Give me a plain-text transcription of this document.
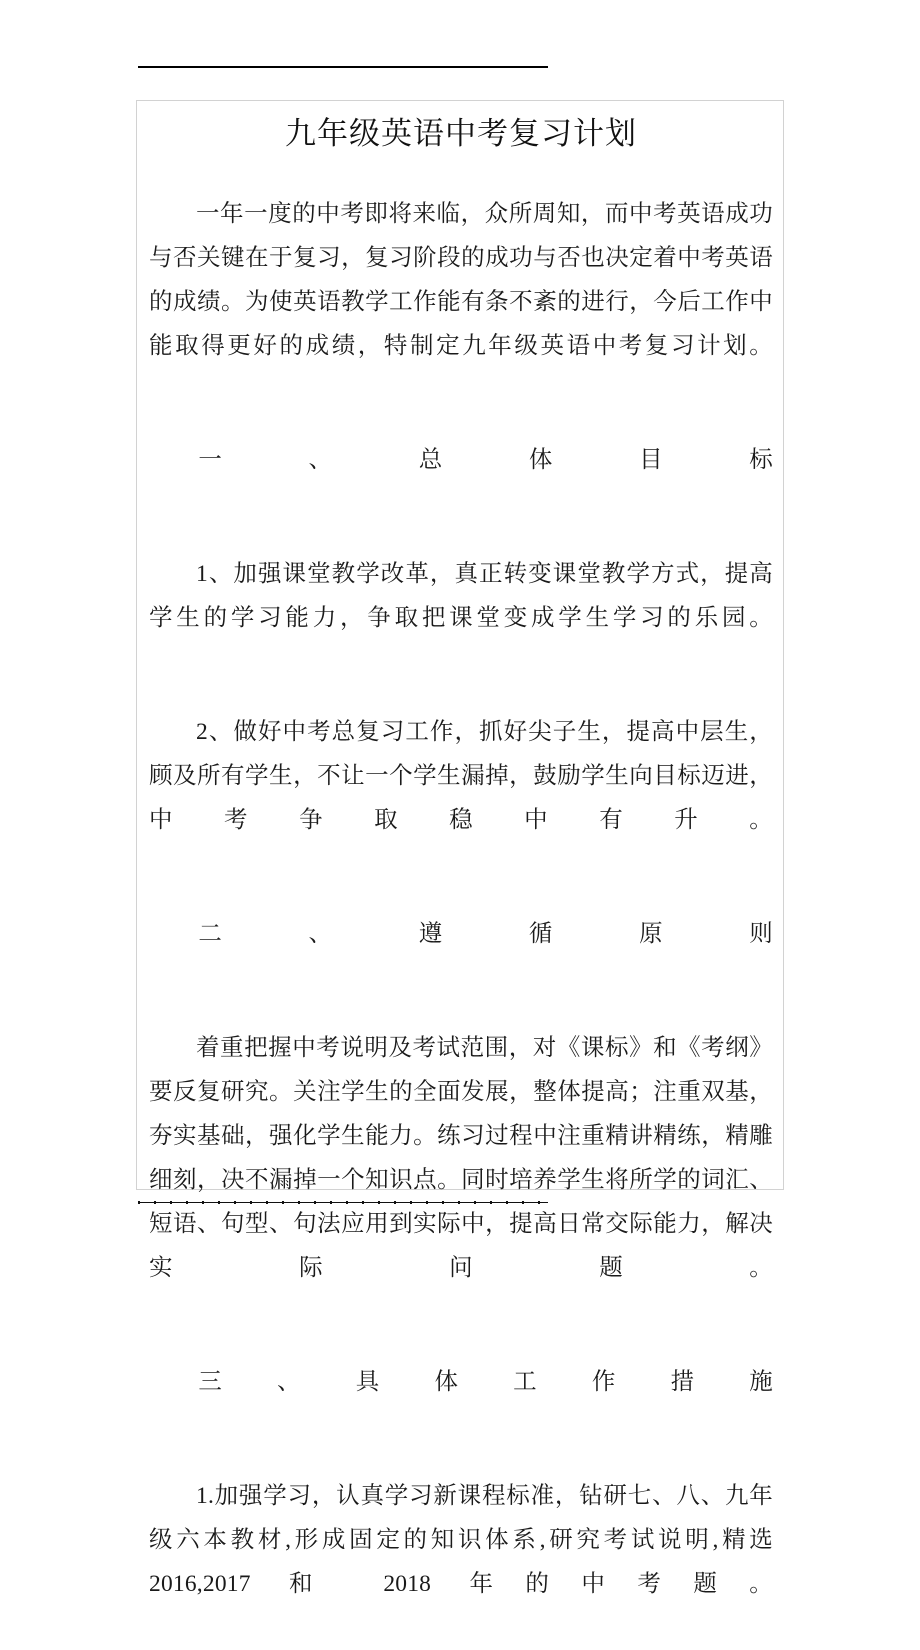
九年级英语中考复习计划

一年一度的中考即将来临，众所周知，而中考英语成功 与否关键在于复习，复习阶段的成功与否也决定着中考英语 的成绩。为使英语教学工作能有条不紊的进行，今后工作中 能取得更好的成绩，特制定九年级英语中考复习计划。

一、总体目标

1、加强课堂教学改革，真正转变课堂教学方式，提高学生的学习能力，争取把课堂变成学生学习的乐园。

2、做好中考总复习工作，抓好尖子生，提高中层生，顾及所有学生，不让一个学生漏掉，鼓励学生向目标迈进，中考争取稳中有升。

二、遵循原则

着重把握中考说明及考试范围，对《课标》和《考纲》 要反复研究。关注学生的全面发展，整体提高；注重双基， 夯实基础，强化学生能力。练习过程中注重精讲精练，精雕 细刻，决不漏掉一个知识点。同时培养学生将所学的词汇、 短语、句型、句法应用到实际中，提高日常交际能力，解决 实际问题。

三、具体工作措施

1.加强学习，认真学习新课程标准，钻研七、八、九年级六本教材,形成固定的知识体系,研究考试说明,精选 2016,2017 和 2018 年的中考题。
